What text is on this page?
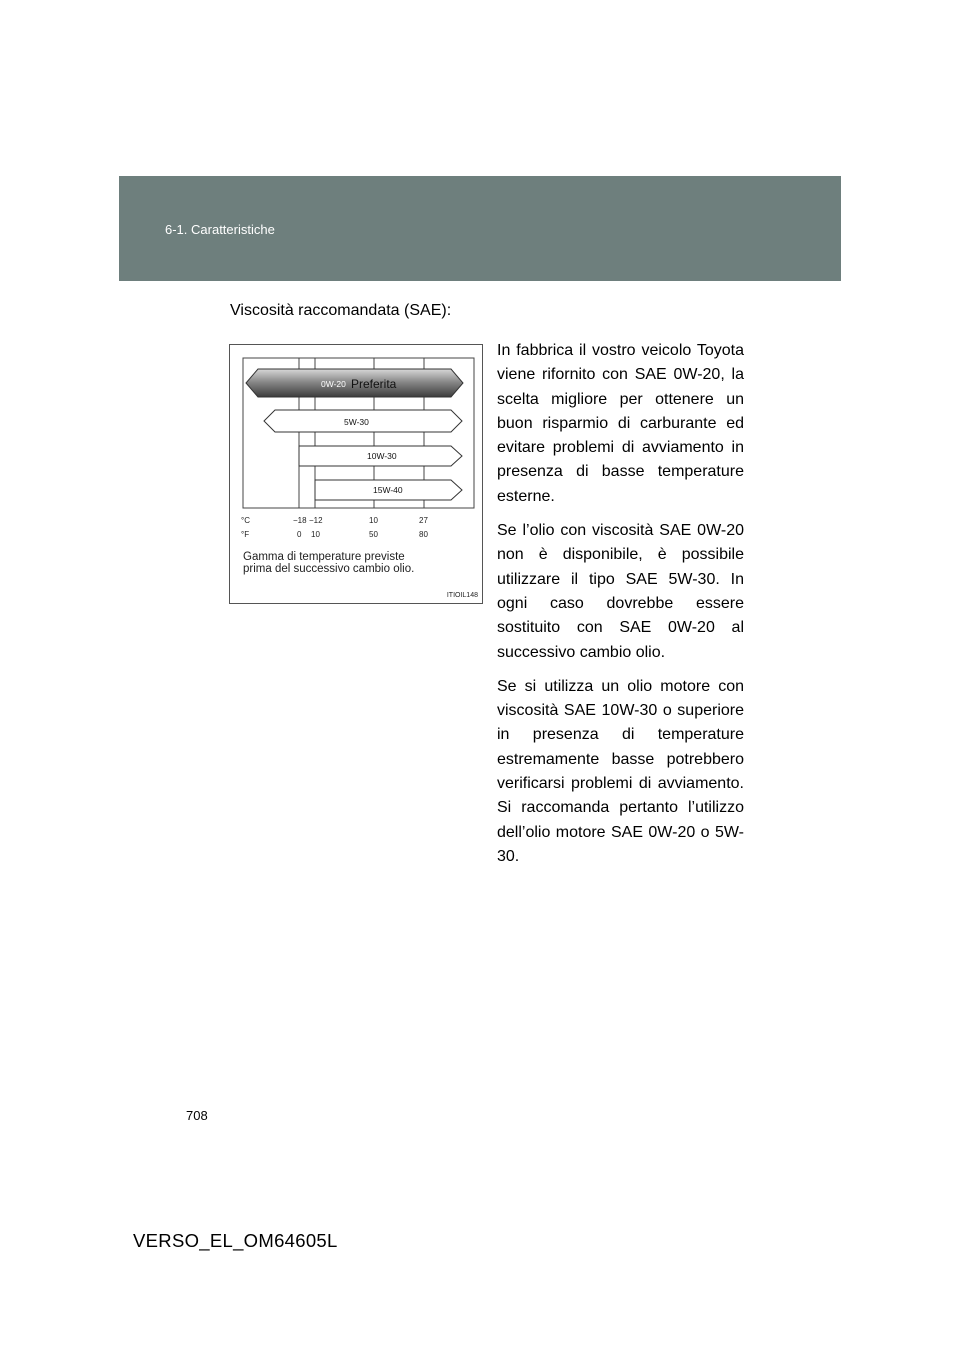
6-1. Caratteristiche
Viscosità raccomandata (SAE):
0W-20 Preferita
5W-30
10W-30
15W-40
°C	−18 −12	10	27
°F	0 10	50	80
Gamma di temperature previste
prima del successivo cambio olio.
ITIOIL148

In fabbrica il vostro veicolo Toyota viene rifornito con SAE 0W-20, la scelta migliore per ottenere un buon risparmio di carburante ed evitare problemi di avviamento in presenza di basse temperature esterne.

Se l’olio con viscosità SAE 0W-20 non è disponibile, è possibile utilizzare il tipo SAE 5W-30. In ogni caso dovrebbe essere sostituito con SAE 0W-20 al successivo cambio olio.

Se si utilizza un olio motore con viscosità SAE 10W-30 o superiore in presenza di temperature estremamente basse potrebbero verificarsi problemi di avviamento. Si raccomanda pertanto l’utilizzo dell’olio motore SAE 0W-20 o 5W-30.

708
VERSO_EL_OM64605L
